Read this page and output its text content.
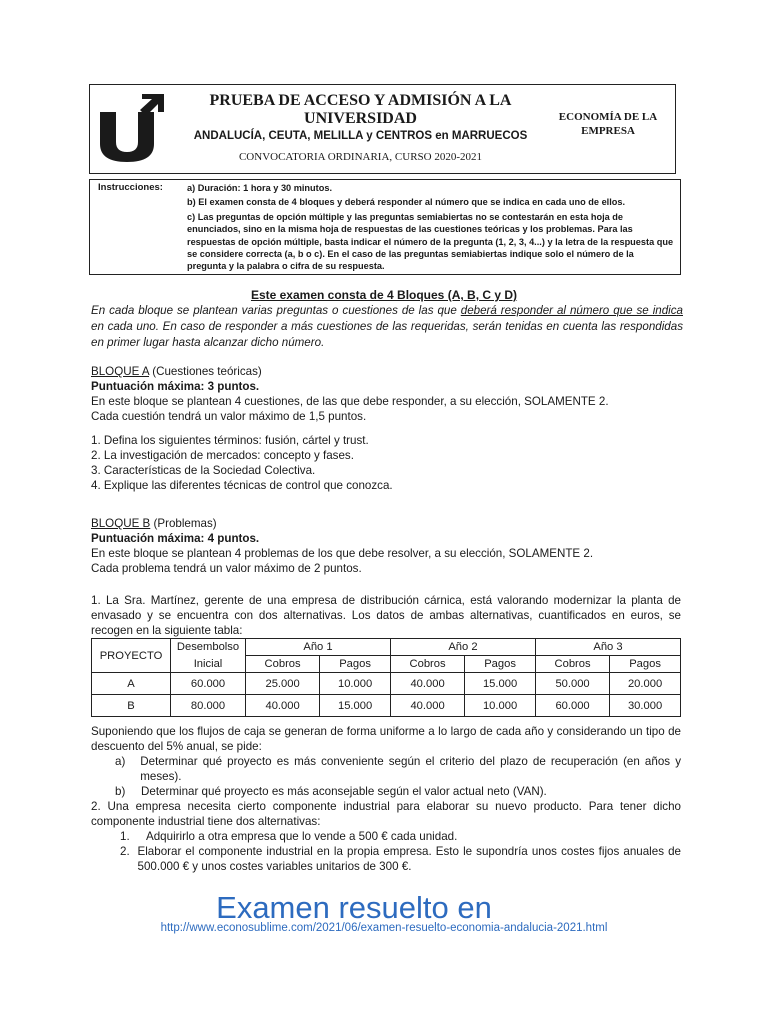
PRUEBA DE ACCESO Y ADMISIÓN A LA
UNIVERSIDAD
ANDALUCÍA, CEUTA, MELILLA y CENTROS en MARRUECOS
CONVOCATORIA ORDINARIA, CURSO 2020-2021
ECONOMÍA DE LA
EMPRESA
Instrucciones:	a) Duración: 1 hora y 30 minutos.

b) El examen consta de 4 bloques y deberá responder al número que se indica en cada uno de ellos.

c) Las preguntas de opción múltiple y las preguntas semiabiertas no se contestarán en esta hoja de enunciados, sino en la misma hoja de respuestas de las cuestiones teóricas y los problemas. Para las respuestas de opción múltiple, basta indicar el número de la pregunta (1, 2, 3, 4...) y la letra de la respuesta que se considere correcta (a, b o c). En el caso de las preguntas semiabiertas indique solo el número de la pregunta y la palabra o cifra de su respuesta.

Este examen consta de 4 Bloques (A, B, C y D)
En cada bloque se plantean varias preguntas o cuestiones de las que deberá responder al número que se indica en cada uno. En caso de responder a más cuestiones de las requeridas, serán tenidas en cuenta las respondidas en primer lugar hasta alcanzar dicho número.

BLOQUE A (Cuestiones teóricas)

Puntuación máxima: 3 puntos.

En este bloque se plantean 4 cuestiones, de las que debe responder, a su elección, SOLAMENTE 2.

Cada cuestión tendrá un valor máximo de 1,5 puntos.

1. Defina los siguientes términos: fusión, cártel y trust.

2. La investigación de mercados: concepto y fases.

3. Características de la Sociedad Colectiva.

4. Explique las diferentes técnicas de control que conozca.

BLOQUE B (Problemas)

Puntuación máxima: 4 puntos.

En este bloque se plantean 4 problemas de los que debe resolver, a su elección, SOLAMENTE 2.

Cada problema tendrá un valor máximo de 2 puntos.

1. La Sra. Martínez, gerente de una empresa de distribución cárnica, está valorando modernizar la planta de envasado y se encuentra con dos alternativas. Los datos de ambas alternativas, cuantificados en euros, se recogen en la siguiente tabla:
PROYECTO	Desembolso	Año 1		Año 2		Año 3	
	Inicial	Cobros	Pagos	Cobros	Pagos	Cobros	Pagos
A	60.000	25.000	10.000	40.000	15.000	50.000	20.000
B	80.000	40.000	15.000	40.000	10.000	60.000	30.000

Suponiendo que los flujos de caja se generan de forma uniforme a lo largo de cada año y considerando un tipo de descuento del 5% anual, se pide:

a)	Determinar qué proyecto es más conveniente según el criterio del plazo de recuperación (en años y meses).
b)	Determinar qué proyecto es más aconsejable según el valor actual neto (VAN).

2. Una empresa necesita cierto componente industrial para elaborar su nuevo producto. Para tener dicho componente industrial tiene dos alternativas:

1.	Adquirirlo a otra empresa que lo vende a 500 € cada unidad.
2. Elaborar el componente industrial en la propia empresa. Esto le supondría unos costes fijos anuales de 500.000 € y unos costes variables unitarios de 300 €.
Examen resuelto en
http://www.econosublime.com/2021/06/examen-resuelto-economia-andalucia-2021.html
